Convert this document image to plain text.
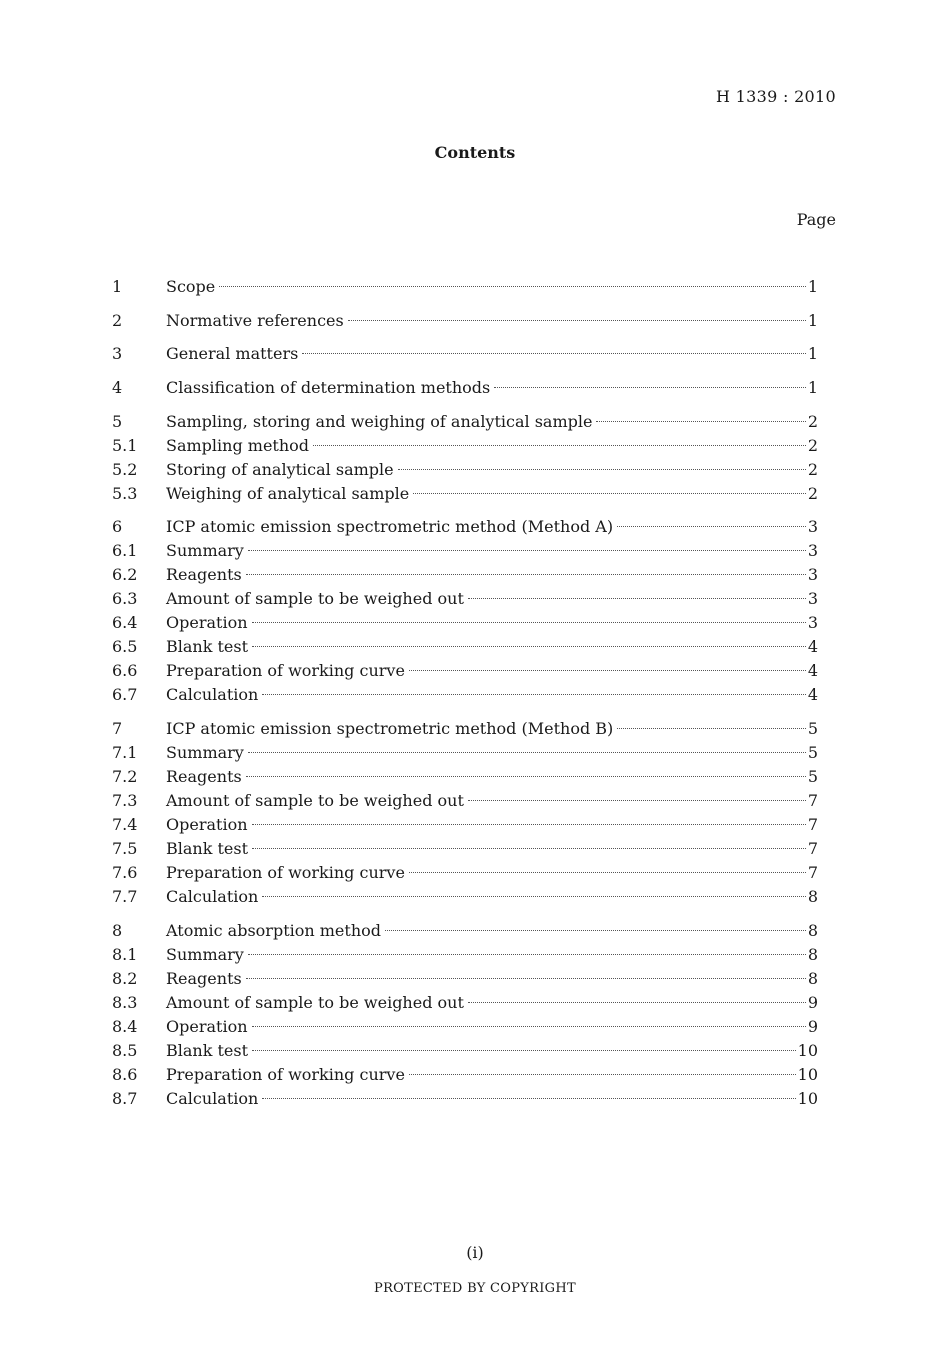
H 1339 : 2010
Contents
Page
1	Scope	1
2	Normative references	1
3	General matters	1
4	Classification of determination methods	1
5	Sampling, storing and weighing of analytical sample	2
5.1	Sampling method	2
5.2	Storing of analytical sample	2
5.3	Weighing of analytical sample	2
6	ICP atomic emission spectrometric method (Method A)	3
6.1	Summary	3
6.2	Reagents	3
6.3	Amount of sample to be weighed out	3
6.4	Operation	3
6.5	Blank test	4
6.6	Preparation of working curve	4
6.7	Calculation	4
7	ICP atomic emission spectrometric method (Method B)	5
7.1	Summary	5
7.2	Reagents	5
7.3	Amount of sample to be weighed out	7
7.4	Operation	7
7.5	Blank test	7
7.6	Preparation of working curve	7
7.7	Calculation	8
8	Atomic absorption method	8
8.1	Summary	8
8.2	Reagents	8
8.3	Amount of sample to be weighed out	9
8.4	Operation	9
8.5	Blank test	10
8.6	Preparation of working curve	10
8.7	Calculation	10
(i)
PROTECTED BY COPYRIGHT
